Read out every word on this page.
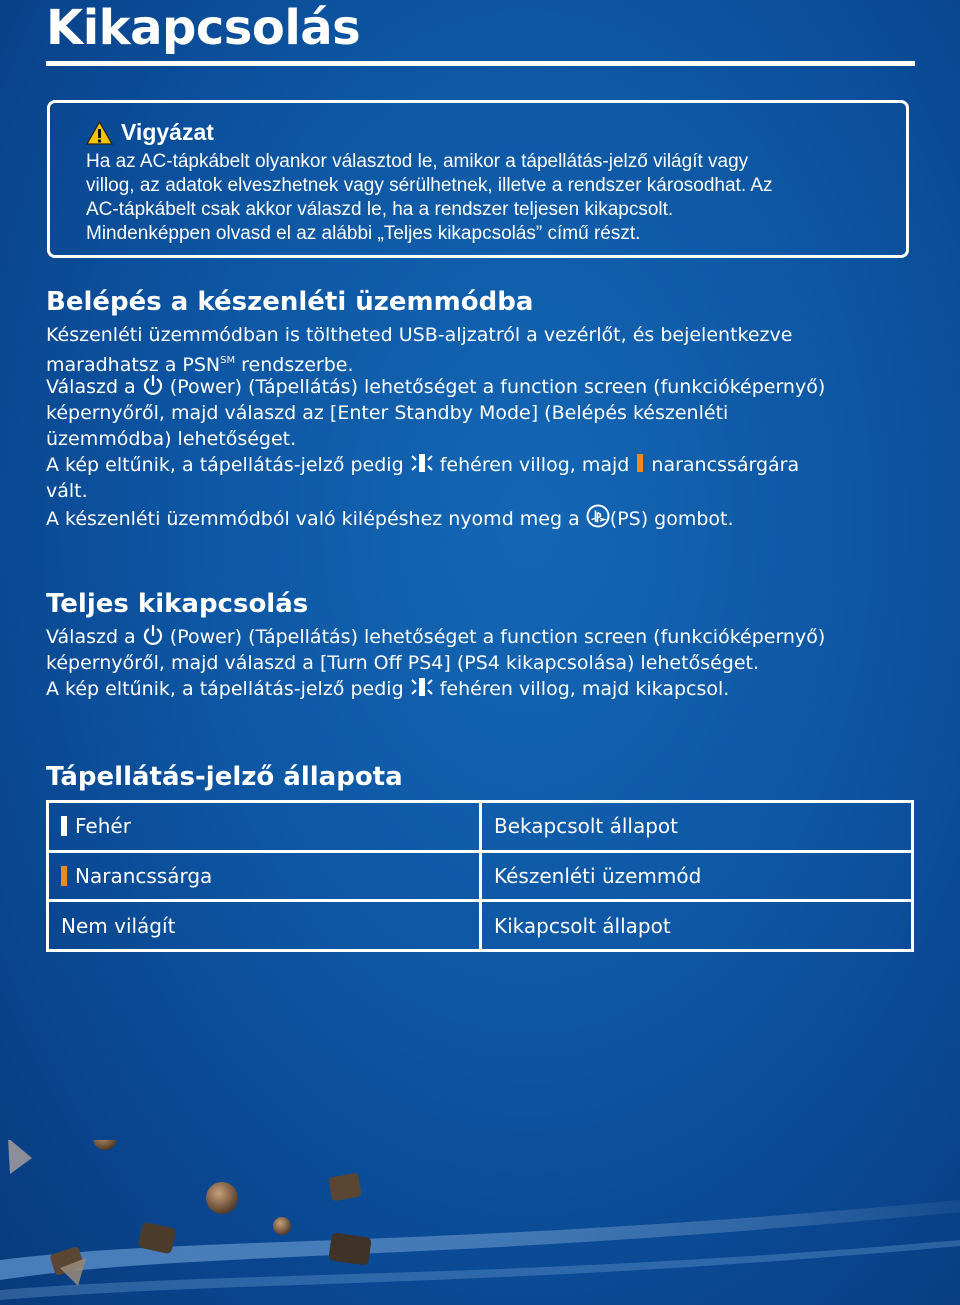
Kikapcsolás
Vigyázat
Ha az AC-tápkábelt olyankor választod le, amikor a tápellátás-jelző világít vagy
villog, az adatok elveszhetnek vagy sérülhetnek, illetve a rendszer károsodhat. Az
AC-tápkábelt csak akkor válaszd le, ha a rendszer teljesen kikapcsolt.
Mindenképpen olvasd el az alábbi „Teljes kikapcsolás” című részt.
Belépés a készenléti üzemmódba
Készenléti üzemmódban is töltheted USB-aljzatról a vezérlőt, és bejelentkezve
maradhatsz a PSN℠ rendszerbe.
Válaszd a  (Power) (Tápellátás) lehetőséget a function screen (funkcióképernyő)
képernyőről, majd válaszd az [Enter Standby Mode] (Belépés készenléti
üzemmódba) lehetőséget.
A kép eltűnik, a tápellátás-jelző pedig  fehéren villog, majd  narancssárgára
vált.
A készenléti üzemmódból való kilépéshez nyomd meg a (PS) gombot.
Teljes kikapcsolás
Válaszd a  (Power) (Tápellátás) lehetőséget a function screen (funkcióképernyő)
képernyőről, majd válaszd a [Turn Off PS4] (PS4 kikapcsolása) lehetőséget.
A kép eltűnik, a tápellátás-jelző pedig  fehéren villog, majd kikapcsol.
Tápellátás-jelző állapota
Fehér	Bekapcsolt állapot
Narancssárga	Készenléti üzemmód
Nem világít	Kikapcsolt állapot
